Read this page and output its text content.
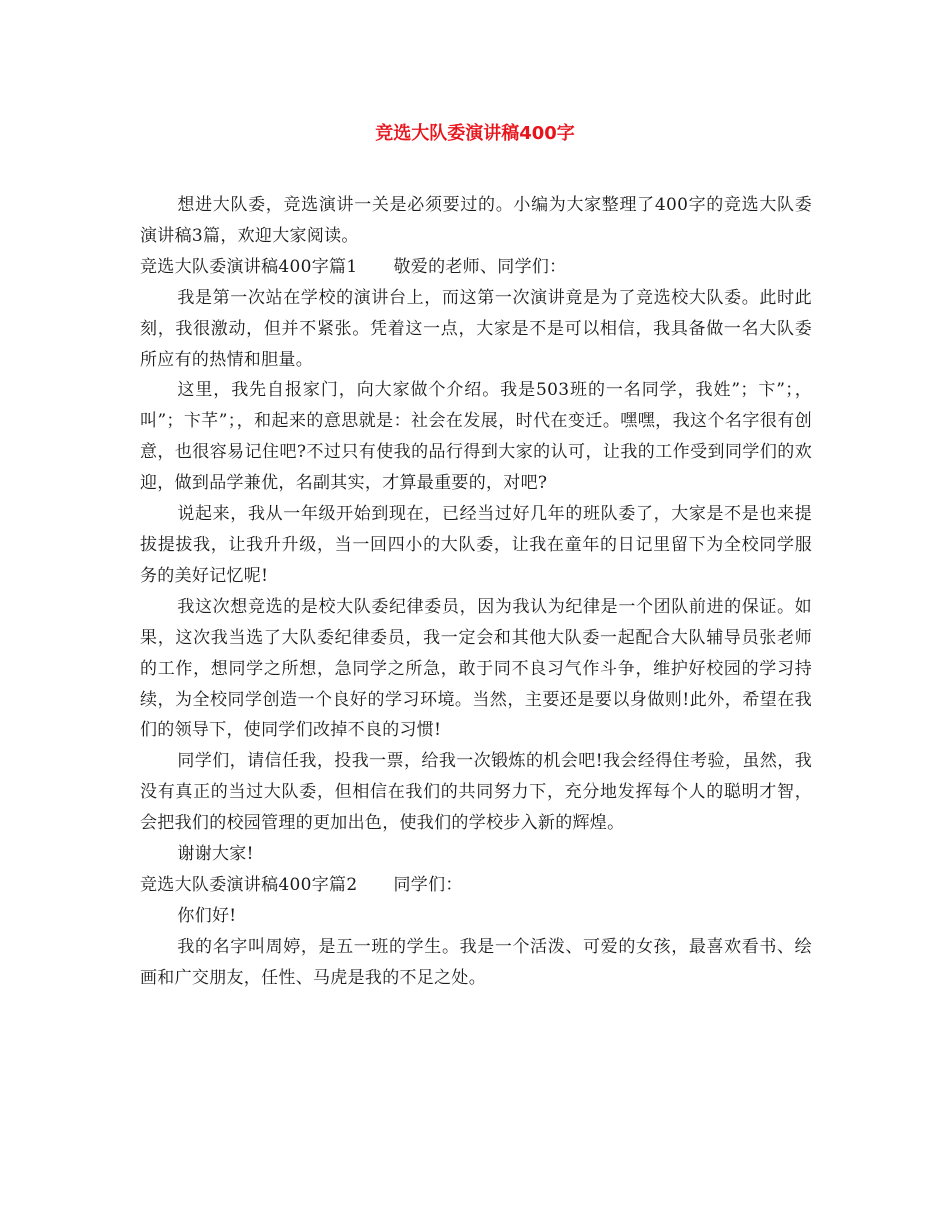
竞选大队委演讲稿400字

想进大队委，竞选演讲一关是必须要过的。小编为大家整理了400字的竞选大队委演讲稿3篇，欢迎大家阅读。

竞选大队委演讲稿400字篇1 敬爱的老师、同学们：

我是第一次站在学校的演讲台上，而这第一次演讲竟是为了竞选校大队委。此时此刻，我很激动，但并不紧张。凭着这一点，大家是不是可以相信，我具备做一名大队委所应有的热情和胆量。

这里，我先自报家门，向大家做个介绍。我是503班的一名同学，我姓”；卞”；，叫”；卞芊”；，和起来的意思就是：社会在发展，时代在变迁。嘿嘿，我这个名字很有创意，也很容易记住吧?不过只有使我的品行得到大家的认可，让我的工作受到同学们的欢迎，做到品学兼优，名副其实，才算最重要的，对吧?

说起来，我从一年级开始到现在，已经当过好几年的班队委了，大家是不是也来提拔提拔我，让我升升级，当一回四小的大队委，让我在童年的日记里留下为全校同学服务的美好记忆呢!

我这次想竞选的是校大队委纪律委员，因为我认为纪律是一个团队前进的保证。如果，这次我当选了大队委纪律委员，我一定会和其他大队委一起配合大队辅导员张老师的工作，想同学之所想，急同学之所急，敢于同不良习气作斗争，维护好校园的学习持续，为全校同学创造一个良好的学习环境。当然，主要还是要以身做则!此外，希望在我们的领导下，使同学们改掉不良的习惯!

同学们，请信任我，投我一票，给我一次锻炼的机会吧!我会经得住考验，虽然，我没有真正的当过大队委，但相信在我们的共同努力下，充分地发挥每个人的聪明才智，会把我们的校园管理的更加出色，使我们的学校步入新的辉煌。

谢谢大家!

竞选大队委演讲稿400字篇2 同学们：

你们好!

我的名字叫周婷，是五一班的学生。我是一个活泼、可爱的女孩，最喜欢看书、绘画和广交朋友，任性、马虎是我的不足之处。
